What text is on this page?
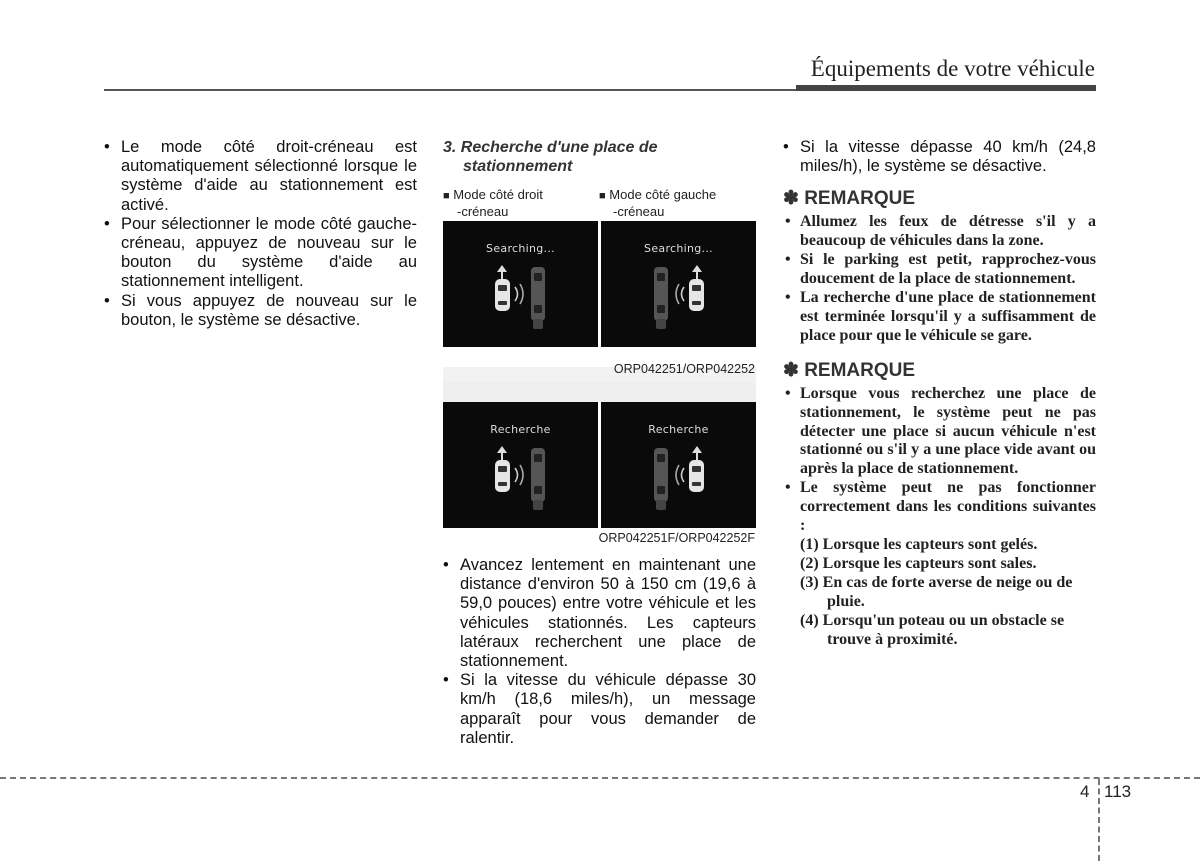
Équipements de votre véhicule
• Le mode côté droit-créneau est automatiquement sélectionné lorsque le système d'aide au stationnement est activé.
• Pour sélectionner le mode côté gauche-créneau, appuyez de nouveau sur le bouton du système d'aide au stationnement intelligent.
• Si vous appuyez de nouveau sur le bouton, le système se désactive.
3. Recherche d'une place de stationnement
■ Mode côté droit
-créneau
■ Mode côté gauche
-créneau
Searching...	Searching...
ORP042251/ORP042252
Recherche	Recherche
ORP042251F/ORP042252F
• Avancez lentement en maintenant une distance d'environ 50 à 150 cm (19,6 à 59,0 pouces) entre votre véhicule et les véhicules stationnés. Les capteurs latéraux recherchent une place de stationnement.
• Si la vitesse du véhicule dépasse 30 km/h (18,6 miles/h), un message apparaît pour vous demander de ralentir.
• Si la vitesse dépasse 40 km/h (24,8 miles/h), le système se désactive.
✽ REMARQUE
• Allumez les feux de détresse s'il y a beaucoup de véhicules dans la zone.
• Si le parking est petit, rapprochez-vous doucement de la place de stationnement.
• La recherche d'une place de stationnement est terminée lorsqu'il y a suffisamment de place pour que le véhicule se gare.
✽ REMARQUE
• Lorsque vous recherchez une place de stationnement, le système peut ne pas détecter une place si aucun véhicule n'est stationné ou s'il y a une place vide avant ou après la place de stationnement.
• Le système peut ne pas fonctionner correctement dans les conditions suivantes :
(1) Lorsque les capteurs sont gelés.
(2) Lorsque les capteurs sont sales.
(3) En cas de forte averse de neige ou de pluie.
(4) Lorsqu'un poteau ou un obstacle se trouve à proximité.
4 113
